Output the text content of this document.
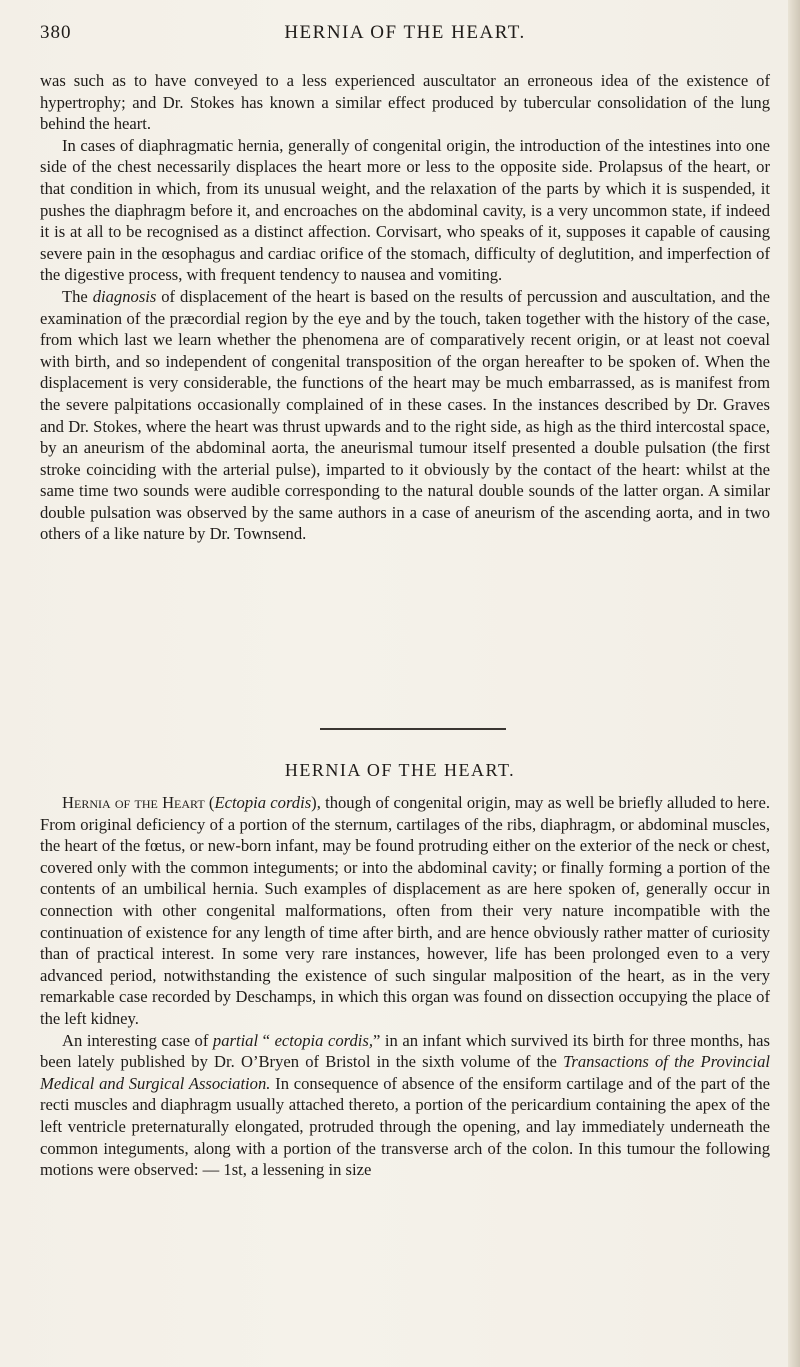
380	HERNIA OF THE HEART.

was such as to have conveyed to a less experienced auscultator an erroneous idea of the existence of hypertrophy; and Dr. Stokes has known a similar effect produced by tubercular consolidation of the lung behind the heart.

In cases of diaphragmatic hernia, generally of congenital origin, the introduction of the intestines into one side of the chest necessarily displaces the heart more or less to the opposite side. Prolapsus of the heart, or that condition in which, from its unusual weight, and the relaxation of the parts by which it is suspended, it pushes the diaphragm before it, and encroaches on the abdominal cavity, is a very uncommon state, if indeed it is at all to be recognised as a distinct affection. Corvisart, who speaks of it, supposes it capable of causing severe pain in the œsophagus and cardiac orifice of the stomach, difficulty of deglutition, and imperfection of the digestive process, with frequent tendency to nausea and vomiting.

The diagnosis of displacement of the heart is based on the results of percussion and auscultation, and the examination of the præcordial region by the eye and by the touch, taken together with the history of the case, from which last we learn whether the phenomena are of comparatively recent origin, or at least not coeval with birth, and so independent of congenital transposition of the organ hereafter to be spoken of. When the displacement is very considerable, the functions of the heart may be much embarrassed, as is manifest from the severe palpitations occasionally complained of in these cases. In the instances described by Dr. Graves and Dr. Stokes, where the heart was thrust upwards and to the right side, as high as the third intercostal space, by an aneurism of the abdominal aorta, the aneurismal tumour itself presented a double pulsation (the first stroke coinciding with the arterial pulse), imparted to it obviously by the contact of the heart: whilst at the same time two sounds were audible corresponding to the natural double sounds of the latter organ. A similar double pulsation was observed by the same authors in a case of aneurism of the ascending aorta, and in two others of a like nature by Dr. Townsend.

HERNIA OF THE HEART.

Hernia of the Heart (Ectopia cordis), though of congenital origin, may as well be briefly alluded to here. From original deficiency of a portion of the sternum, cartilages of the ribs, diaphragm, or abdominal muscles, the heart of the fœtus, or new-born infant, may be found protruding either on the exterior of the neck or chest, covered only with the common integuments; or into the abdominal cavity; or finally forming a portion of the contents of an umbilical hernia. Such examples of displacement as are here spoken of, generally occur in connection with other congenital malformations, often from their very nature incompatible with the continuation of existence for any length of time after birth, and are hence obviously rather matter of curiosity than of practical interest. In some very rare instances, however, life has been prolonged even to a very advanced period, notwithstanding the existence of such singular malposition of the heart, as in the very remarkable case recorded by Deschamps, in which this organ was found on dissection occupying the place of the left kidney.

An interesting case of partial “ ectopia cordis,” in an infant which survived its birth for three months, has been lately published by Dr. O’Bryen of Bristol in the sixth volume of the Transactions of the Provincial Medical and Surgical Association. In consequence of absence of the ensiform cartilage and of the part of the recti muscles and diaphragm usually attached thereto, a portion of the pericardium containing the apex of the left ventricle preternaturally elongated, protruded through the opening, and lay immediately underneath the common integuments, along with a portion of the transverse arch of the colon. In this tumour the following motions were observed: — 1st, a lessening in size
